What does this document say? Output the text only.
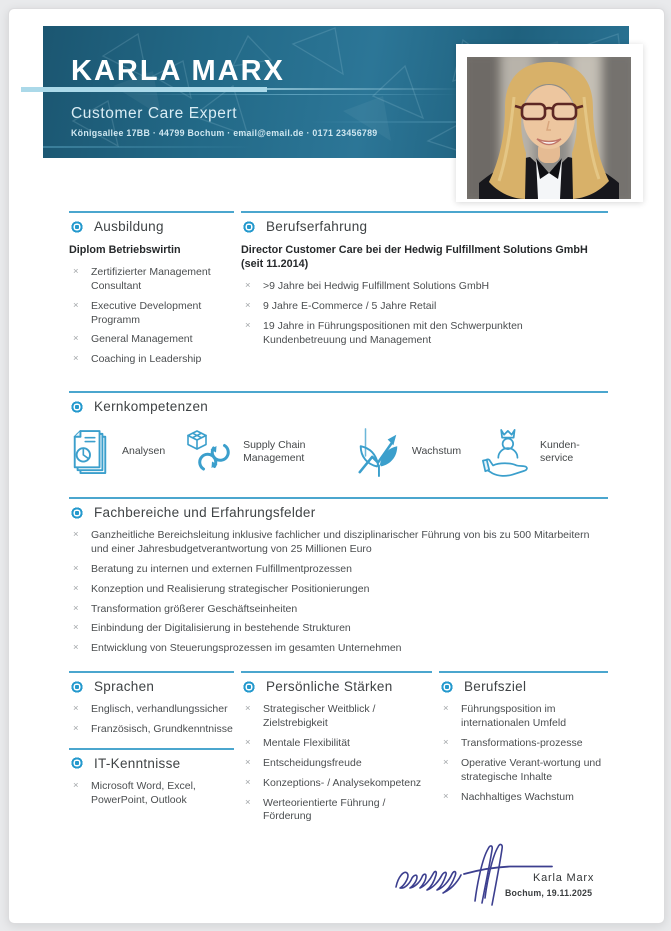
KARLA MARX
Customer Care Expert
Königsallee 17BB · 44799 Bochum · email@email.de · 0171 23456789
Ausbildung
Diplom Betriebswirtin
×	Zertifizierter Management Consultant
×	Executive Development Programm
×	General Management
×	Coaching in Leadership
Berufserfahrung
Director Customer Care bei der Hedwig Fulfillment Solutions GmbH (seit 11.2014)
×	>9 Jahre bei Hedwig Fulfillment Solutions GmbH
×	9 Jahre E-Commerce / 5 Jahre Retail
×	19 Jahre in Führungspositionen mit den Schwerpunkten Kundenbetreuung und Management
Kernkompetenzen
Analysen
Supply Chain Management
Wachstum
Kunden-service
Fachbereiche und Erfahrungsfelder
×	Ganzheitliche Bereichsleitung inklusive fachlicher und disziplinarischer Führung von bis zu 500 Mitarbeitern und einer Jahresbudgetverantwortung von 25 Millionen Euro
×	Beratung zu internen und externen Fulfillmentprozessen
×	Konzeption und Realisierung strategischer Positionierungen
×	Transformation größerer Geschäftseinheiten
×	Einbindung der Digitalisierung in bestehende Strukturen
×	Entwicklung von Steuerungsprozessen im gesamten Unternehmen
Sprachen
×	Englisch, verhandlungssicher
×	Französisch, Grundkenntnisse
IT-Kenntnisse
×	Microsoft Word, Excel, PowerPoint, Outlook
Persönliche Stärken
×	Strategischer Weitblick / Zielstrebigkeit
×	Mentale Flexibilität
×	Entscheidungsfreude
×	Konzeptions- / Analysekompetenz
×	Werteorientierte Führung / Förderung
Berufsziel
×	Führungsposition im internationalen Umfeld
×	Transformations-prozesse
×	Operative Verant-wortung und strategische Inhalte
×	Nachhaltiges Wachstum
Karla Marx
Bochum, 19.11.2025
